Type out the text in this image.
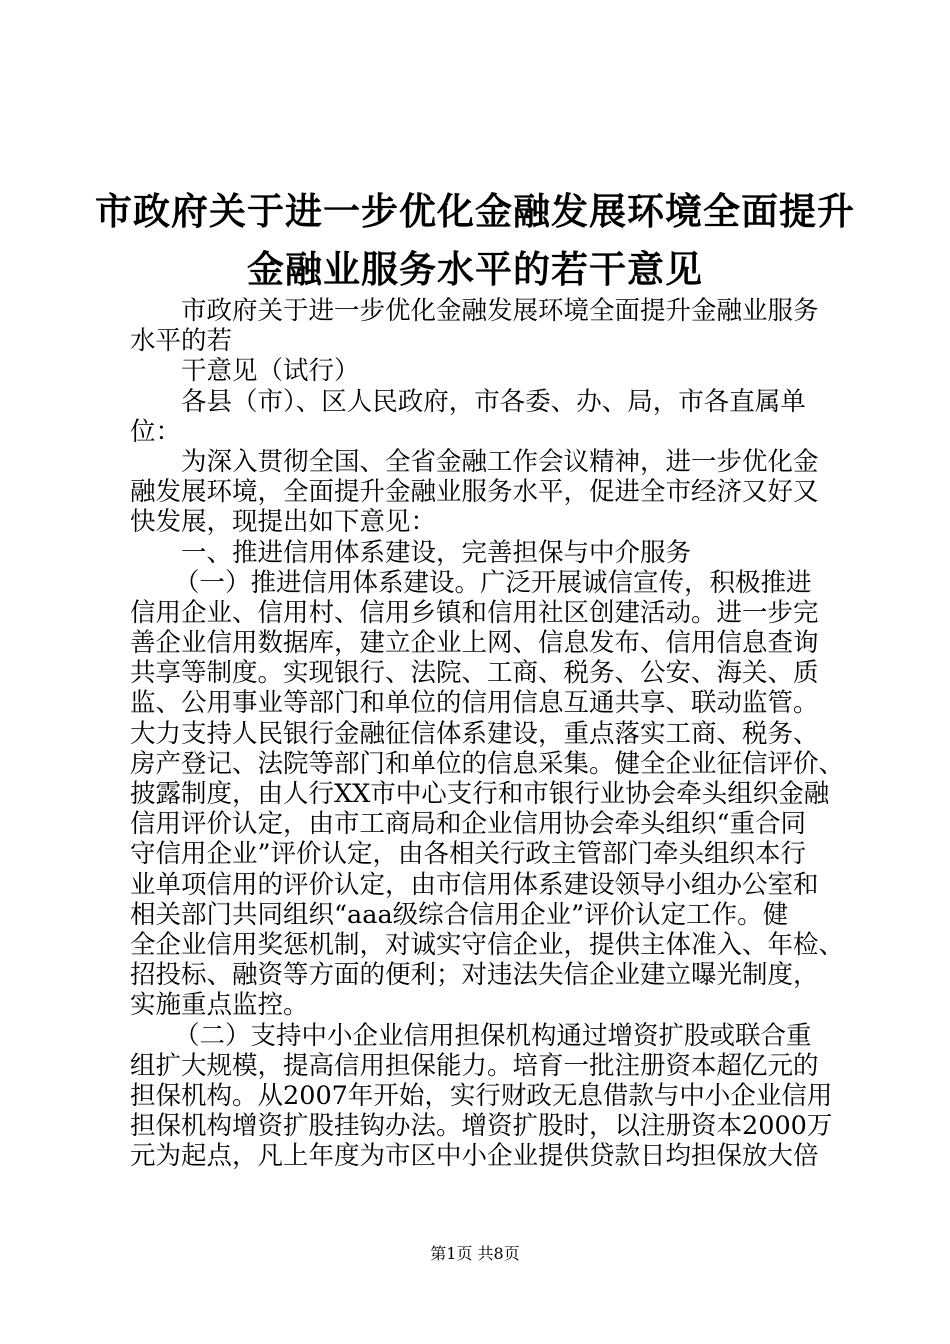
市政府关于进一步优化金融发展环境全面提升
金融业服务水平的若干意见
市政府关于进一步优化金融发展环境全面提升金融业服务
水平的若
干意见（试行）
各县（市）、区人民政府，市各委、办、局，市各直属单
位：
为深入贯彻全国、全省金融工作会议精神，进一步优化金
融发展环境，全面提升金融业服务水平，促进全市经济又好又
快发展，现提出如下意见：
一、推进信用体系建设，完善担保与中介服务
（一）推进信用体系建设。广泛开展诚信宣传，积极推进
信用企业、信用村、信用乡镇和信用社区创建活动。进一步完
善企业信用数据库，建立企业上网、信息发布、信用信息查询
共享等制度。实现银行、法院、工商、税务、公安、海关、质
监、公用事业等部门和单位的信用信息互通共享、联动监管。
大力支持人民银行金融征信体系建设，重点落实工商、税务、
房产登记、法院等部门和单位的信息采集。健全企业征信评价、
披露制度，由人行XX市中心支行和市银行业协会牵头组织金融
信用评价认定，由市工商局和企业信用协会牵头组织“重合同
守信用企业”评价认定，由各相关行政主管部门牵头组织本行
业单项信用的评价认定，由市信用体系建设领导小组办公室和
相关部门共同组织“aaa级综合信用企业”评价认定工作。健
全企业信用奖惩机制，对诚实守信企业，提供主体准入、年检、
招投标、融资等方面的便利；对违法失信企业建立曝光制度，
实施重点监控。
（二）支持中小企业信用担保机构通过增资扩股或联合重
组扩大规模，提高信用担保能力。培育一批注册资本超亿元的
担保机构。从2007年开始，实行财政无息借款与中小企业信用
担保机构增资扩股挂钩办法。增资扩股时，以注册资本2000万
元为起点，凡上年度为市区中小企业提供贷款日均担保放大倍
第1页 共8页
